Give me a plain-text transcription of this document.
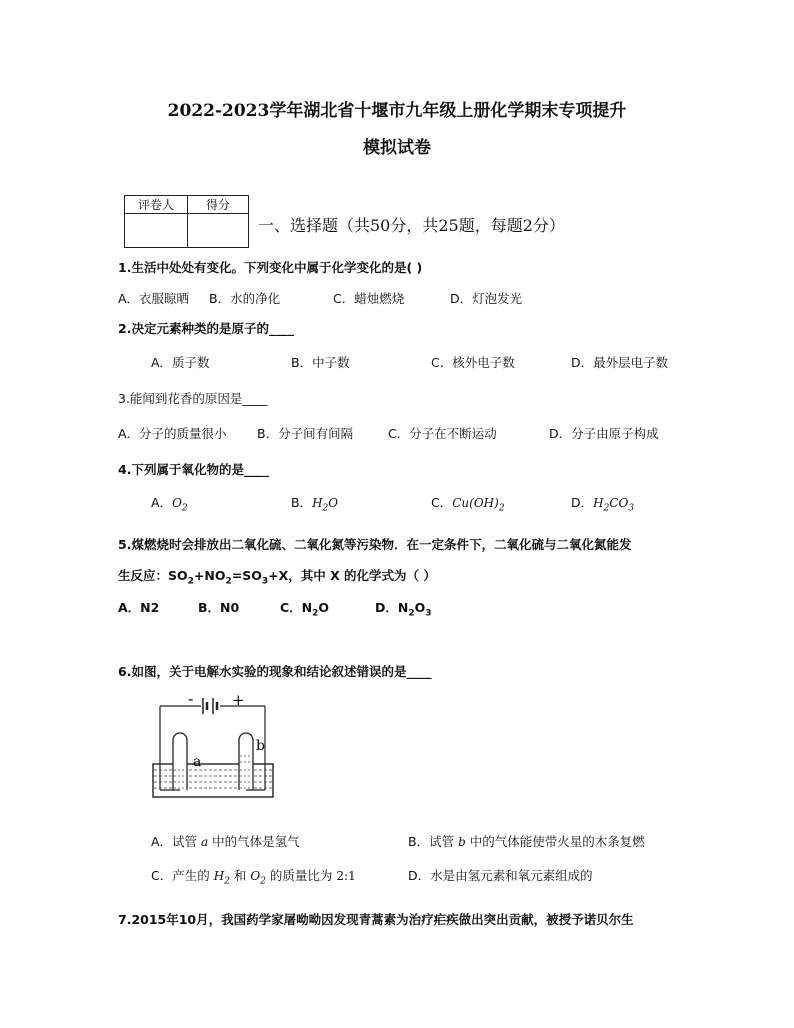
2022-2023学年湖北省十堰市九年级上册化学期末专项提升
模拟试卷
评卷人	得分

一、选择题（共50分，共25题，每题2分）
1.生活中处处有变化。下列变化中属于化学变化的是( )
A．衣服晾晒 B．水的净化	C．蜡烛燃烧	D．灯泡发光
2.决定元素种类的是原子的____
A．质子数	B．中子数	C．核外电子数	D．最外层电子数
3.能闻到花香的原因是____
A．分子的质量很小 B．分子间有间隔	C．分子在不断运动	D．分子由原子构成
4.下列属于氧化物的是____
A．$O_2$	B．$H_2O$	C．$Cu(OH)_2$	D．$H_2CO_3$
5.煤燃烧时会排放出二氧化硫、二氧化氮等污染物．在一定条件下，二氧化硫与二氧化氮能发
生反应：$SO_2+NO_2=SO_3+X$，其中 X 的化学式为（ ）
A．N2	B．N0	C．$N_2O$	D．$N_2O_3$
6.如图，关于电解水实验的现象和结论叙述错误的是____
-	+
a
b
A．试管 a 中的气体是氢气	B．试管 b 中的气体能使带火星的木条复燃
C．产生的 $H_2$ 和 $O_2$ 的质量比为 2:1	D．水是由氢元素和氧元素组成的
7.2015年10月，我国药学家屠呦呦因发现青蒿素为治疗疟疾做出突出贡献，被授予诺贝尔生
